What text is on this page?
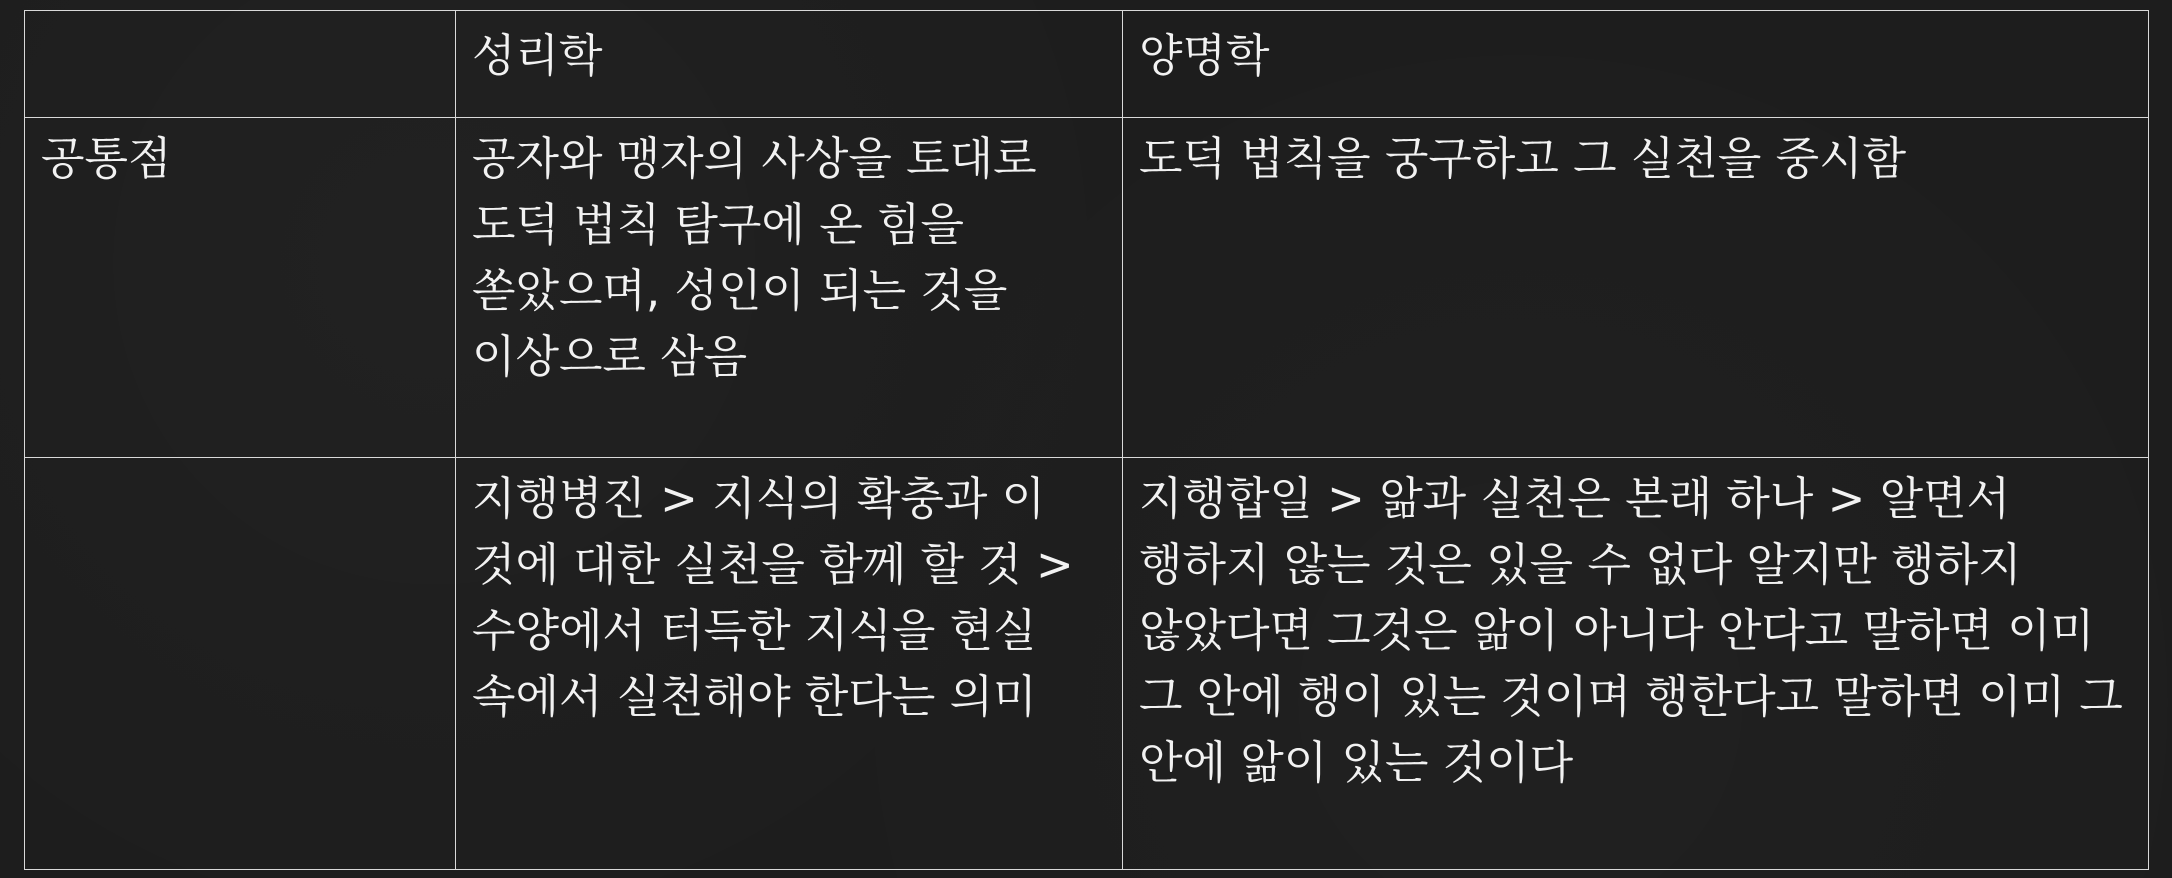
	성리학	양명학
공통점	공자와 맹자의 사상을 토대로 도덕 법칙 탐구에 온 힘을 쏟았으며, 성인이 되는 것을 이상으로 삼음	도덕 법칙을 궁구하고 그 실천을 중시함
	지행병진 > 지식의 확충과 이 것에 대한 실천을 함께 할 것 > 수양에서 터득한 지식을 현실 속에서 실천해야 한다는 의미	지행합일 > 앎과 실천은 본래 하나 > 알면서 행하지 않는 것은 있을 수 없다 알지만 행하지 않았다면 그것은 앎이 아니다 안다고 말하면 이미 그 안에 행이 있는 것이며 행한다고 말하면 이미 그 안에 앎이 있는 것이다
